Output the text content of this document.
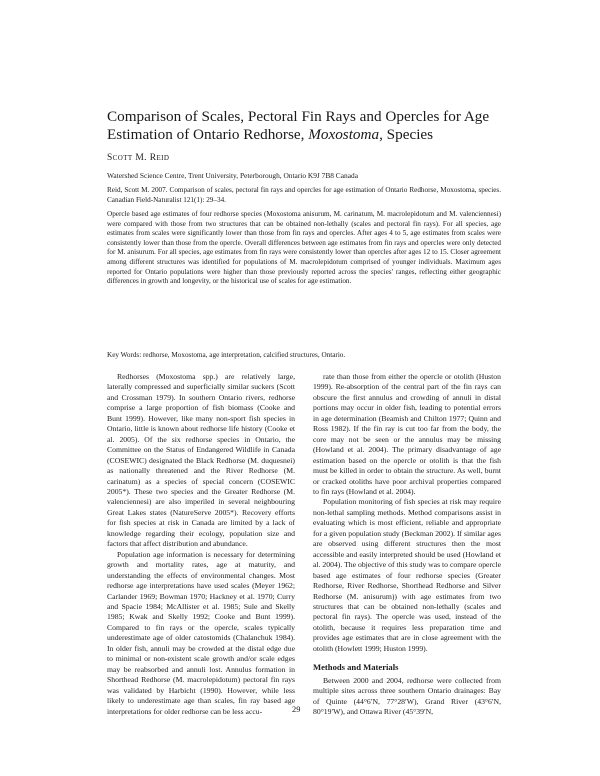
Comparison of Scales, Pectoral Fin Rays and Opercles for Age Estimation of Ontario Redhorse, Moxostoma, Species
Scott M. Reid
Watershed Science Centre, Trent University, Peterborough, Ontario K9J 7B8 Canada
Reid, Scott M. 2007. Comparison of scales, pectoral fin rays and opercles for age estimation of Ontario Redhorse, Moxostoma, species. Canadian Field-Naturalist 121(1): 29–34.
Opercle based age estimates of four redhorse species (Moxostoma anisurum, M. carinatum, M. macrolepidotum and M. valenciennesi) were compared with those from two structures that can be obtained non-lethally (scales and pectoral fin rays). For all species, age estimates from scales were significantly lower than those from fin rays and opercles. After ages 4 to 5, age estimates from scales were consistently lower than those from the opercle. Overall differences between age estimates from fin rays and opercles were only detected for M. anisurum. For all species, age estimates from fin rays were consistently lower than opercles after ages 12 to 15. Closer agreement among different structures was identified for populations of M. macrolepidotum comprised of younger individuals. Maximum ages reported for Ontario populations were higher than those previously reported across the species' ranges, reflecting either geographic differences in growth and longevity, or the historical use of scales for age estimation.
Key Words: redhorse, Moxostoma, age interpretation, calcified structures, Ontario.

Redhorses (Moxostoma spp.) are relatively large, laterally compressed and superficially similar suckers (Scott and Crossman 1979). In southern Ontario rivers, redhorse comprise a large proportion of fish biomass (Cooke and Bunt 1999). However, like many non-sport fish species in Ontario, little is known about redhorse life history (Cooke et al. 2005). Of the six redhorse species in Ontario, the Committee on the Status of Endangered Wildlife in Canada (COSEWIC) designated the Black Redhorse (M. duquesnei) as nationally threatened and the River Redhorse (M. carinatum) as a species of special concern (COSEWIC 2005*). These two species and the Greater Redhorse (M. valenciennesi) are also imperiled in several neighbouring Great Lakes states (NatureServe 2005*). Recovery efforts for fish species at risk in Canada are limited by a lack of knowledge regarding their ecology, population size and factors that affect distribution and abundance.

Population age information is necessary for determining growth and mortality rates, age at maturity, and understanding the effects of environmental changes. Most redhorse age interpretations have used scales (Meyer 1962; Carlander 1969; Bowman 1970; Hackney et al. 1970; Curry and Spacie 1984; McAllister et al. 1985; Sule and Skelly 1985; Kwak and Skelly 1992; Cooke and Bunt 1999). Compared to fin rays or the opercle, scales typically underestimate age of older catostomids (Chalanchuk 1984). In older fish, annuli may be crowded at the distal edge due to minimal or non-existent scale growth and/or scale edges may be reabsorbed and annuli lost. Annulus formation in Shorthead Redhorse (M. macrolepidotum) pectoral fin rays was validated by Harbicht (1990). However, while less likely to underestimate age than scales, fin ray based age interpretations for older redhorse can be less accu-

rate than those from either the opercle or otolith (Huston 1999). Re-absorption of the central part of the fin rays can obscure the first annulus and crowding of annuli in distal portions may occur in older fish, leading to potential errors in age determination (Beamish and Chilton 1977; Quinn and Ross 1982). If the fin ray is cut too far from the body, the core may not be seen or the annulus may be missing (Howland et al. 2004). The primary disadvantage of age estimation based on the opercle or otolith is that the fish must be killed in order to obtain the structure. As well, burnt or cracked otoliths have poor archival properties compared to fin rays (Howland et al. 2004).

Population monitoring of fish species at risk may require non-lethal sampling methods. Method comparisons assist in evaluating which is most efficient, reliable and appropriate for a given population study (Beckman 2002). If similar ages are observed using different structures then the most accessible and easily interpreted should be used (Howland et al. 2004). The objective of this study was to compare opercle based age estimates of four redhorse species (Greater Redhorse, River Redhorse, Shorthead Redhorse and Silver Redhorse (M. anisurum)) with age estimates from two structures that can be obtained non-lethally (scales and pectoral fin rays). The opercle was used, instead of the otolith, because it requires less preparation time and provides age estimates that are in close agreement with the otolith (Howlett 1999; Huston 1999).

Methods and Materials

Between 2000 and 2004, redhorse were collected from multiple sites across three southern Ontario drainages: Bay of Quinte (44°6′N, 77°28′W), Grand River (43°6′N, 80°19′W), and Ottawa River (45°39′N,

29
